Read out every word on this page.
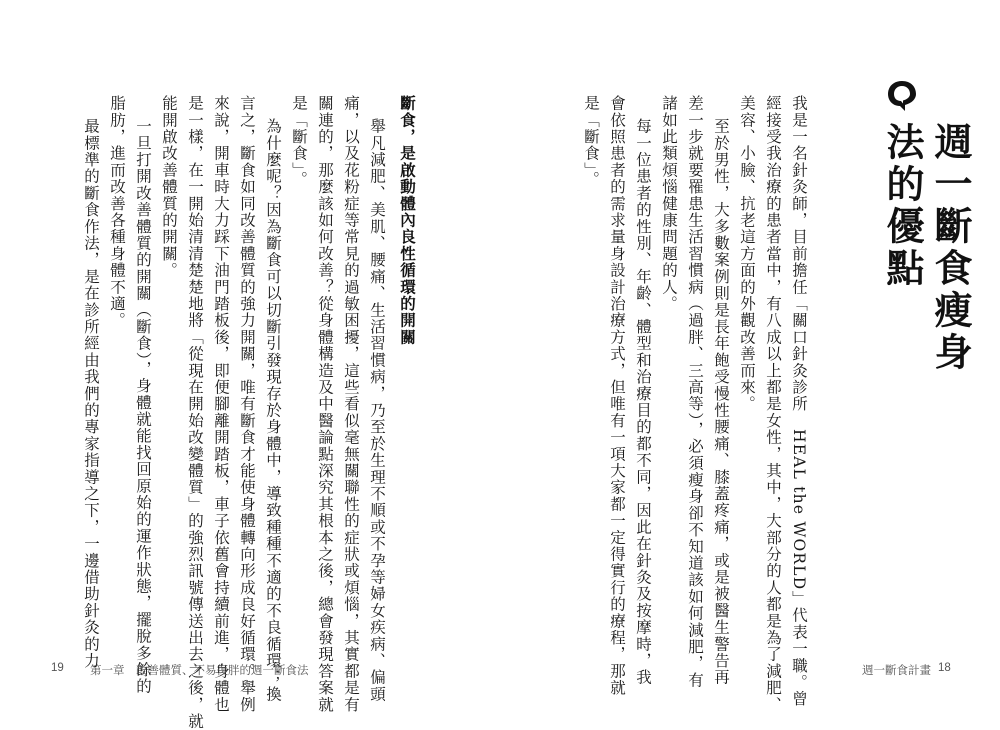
週一斷食瘦身法的優點
我是一名針灸師，目前擔任「關口針灸診所　HEAL the WORLD」代表一職。曾
經接受我治療的患者當中，有八成以上都是女性，其中，大部分的人都是為了減肥、
美容、小臉、抗老這方面的外觀改善而來。
至於男性，大多數案例則是長年飽受慢性腰痛、膝蓋疼痛，或是被醫生警告再
差一步就要罹患生活習慣病（過胖、三高等），必須瘦身卻不知道該如何減肥，有
諸如此類煩惱健康問題的人。
每一位患者的性別、年齡、體型和治療目的都不同，因此在針灸及按摩時，我
會依照患者的需求量身設計治療方式，但唯有一項大家都一定得實行的療程，那就
是「斷食」。
週一斷食計畫 18
斷食，是啟動體內良性循環的開關
舉凡減肥、美肌、腰痛、生活習慣病，乃至於生理不順或不孕等婦女疾病、偏頭
痛，以及花粉症等常見的過敏困擾，這些看似毫無關聯性的症狀或煩惱，其實都是有
關連的，那麼該如何改善？從身體構造及中醫論點深究其根本之後，總會發現答案就
是「斷食」。
為什麼呢？因為斷食可以切斷引發現存於身體中，導致種種不適的不良循環；換
言之，斷食如同改善體質的強力開關，唯有斷食才能使身體轉向形成良好循環。舉例
來說，開車時大力踩下油門踏板後，即便腳離開踏板，車子依舊會持續前進，身體也
是一樣，在一開始清清楚楚地將「從現在開始改變體質」的強烈訊號傳送出去之後，就
能開啟改善體質的開關。
一旦打開改善體質的開關（斷食），身體就能找回原始的運作狀態，擺脫多餘的
脂肪，進而改善各種身體不適。
最標準的斷食作法，是在診所經由我們的專家指導之下，一邊借助針灸的力
19 第一章　改善體質、不易復胖的週一斷食法
